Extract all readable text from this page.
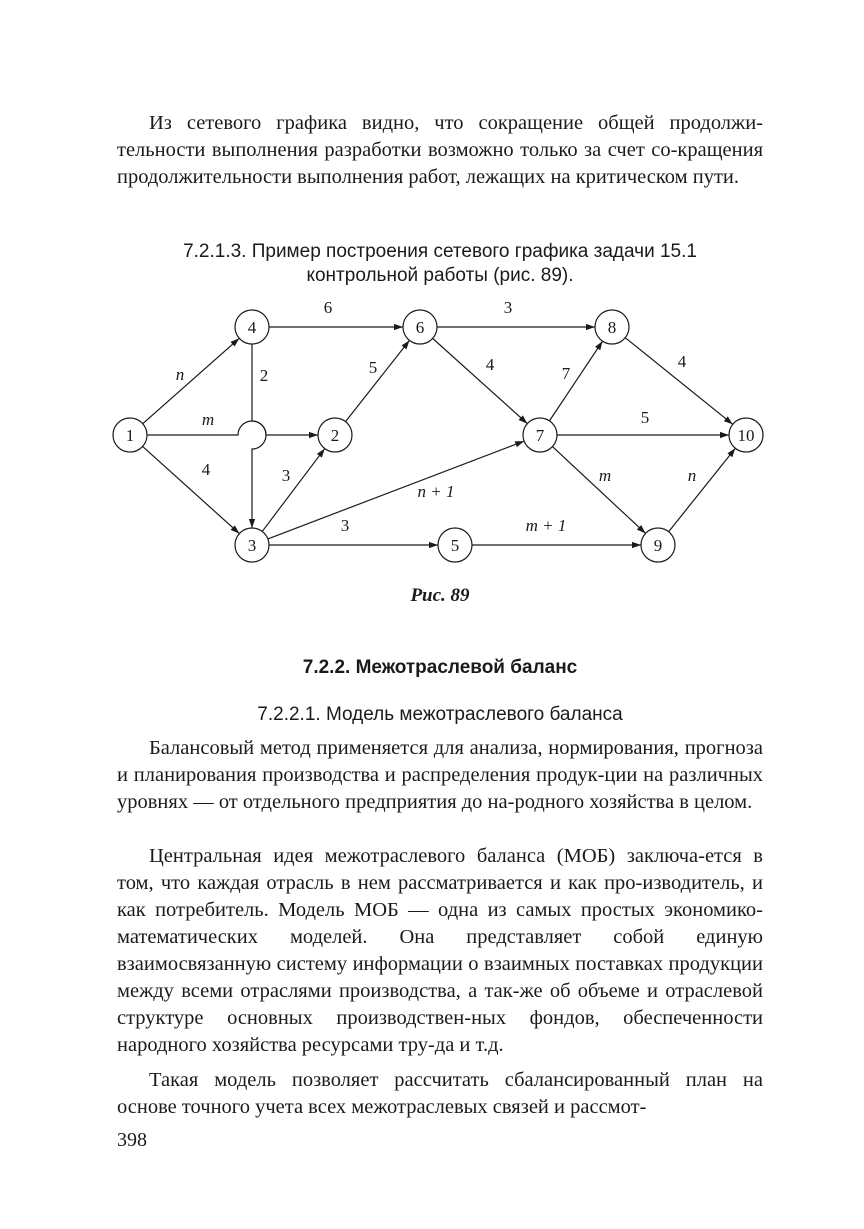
Из сетевого графика видно, что сокращение общей продолжи-тельности выполнения разработки возможно только за счет со-кращения продолжительности выполнения работ, лежащих на критическом пути.

7.2.1.3. Пример построения сетевого графика задачи 15.1

контрольной работы (рис. 89).

1	2
3
4
5
6
7
8
9
10
n
m
4
6
2	5
3
n + 1
3
3
4	7
5
m
4
m + 1
n

Рис. 89

7.2.2. Межотраслевой баланс

7.2.2.1. Модель межотраслевого баланса

Балансовый метод применяется для анализа, нормирования, прогноза и планирования производства и распределения продук-ции на различных уровнях — от отдельного предприятия до на-родного хозяйства в целом.

Центральная идея межотраслевого баланса (МОБ) заключа-ется в том, что каждая отрасль в нем рассматривается и как про-изводитель, и как потребитель. Модель МОБ — одна из самых простых экономико-математических моделей. Она представляет собой единую взаимосвязанную систему информации о взаимных поставках продукции между всеми отраслями производства, а так-же об объеме и отраслевой структуре основных производствен-ных фондов, обеспеченности народного хозяйства ресурсами тру-да и т.д.

Такая модель позволяет рассчитать сбалансированный план на основе точного учета всех межотраслевых связей и рассмот-

398
